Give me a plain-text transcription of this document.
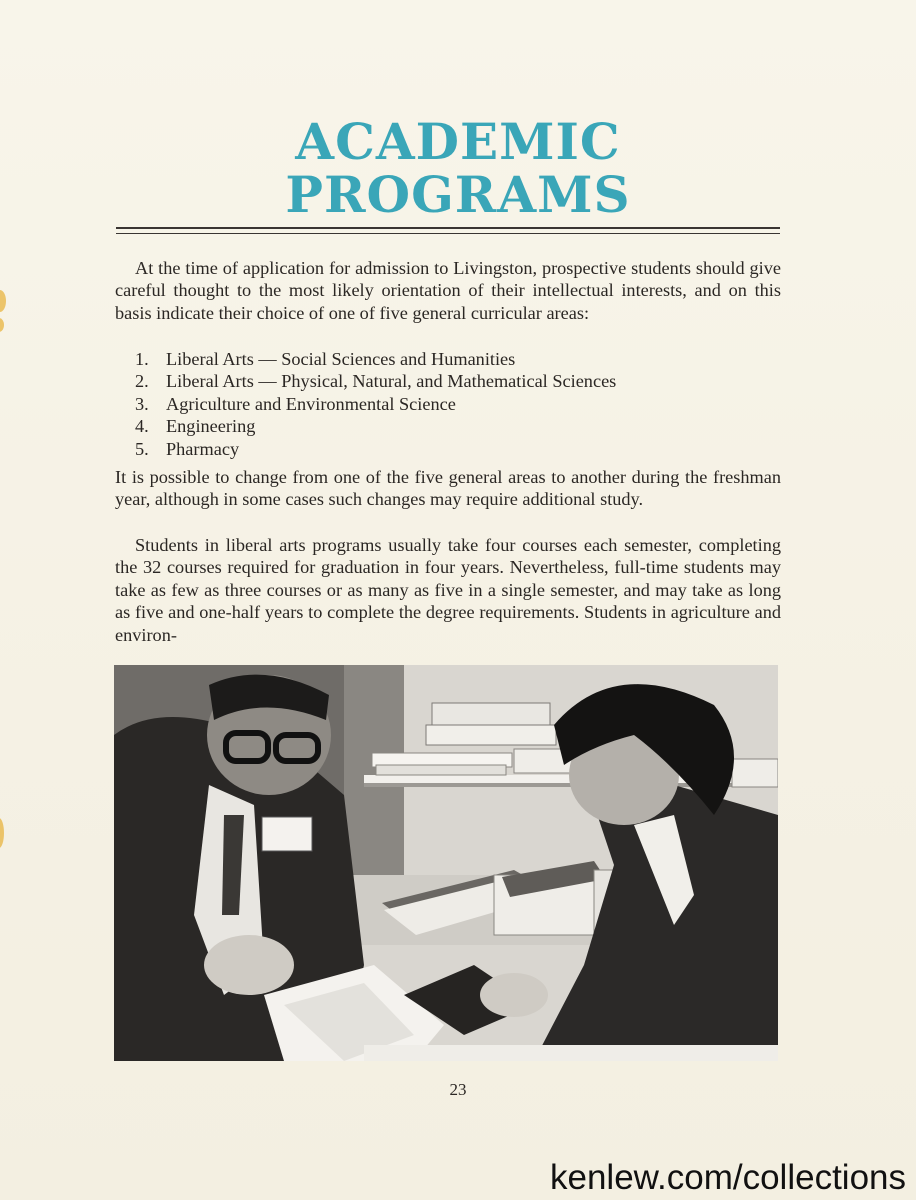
ACADEMIC
PROGRAMS
At the time of application for admission to Livingston, prospective students should give careful thought to the most likely orientation of their intellectual interests, and on this basis indicate their choice of one of five general curricular areas:
1. Liberal Arts — Social Sciences and Humanities
2. Liberal Arts — Physical, Natural, and Mathematical Sciences
3. Agriculture and Environmental Science
4. Engineering
5. Pharmacy
It is possible to change from one of the five general areas to another during the freshman year, although in some cases such changes may require additional study.
Students in liberal arts programs usually take four courses each semester, completing the 32 courses required for graduation in four years. Nevertheless, full-time students may take as few as three courses or as many as five in a single semester, and may take as long as five and one-half years to complete the degree requirements. Students in agriculture and environ-
23
kenlew.com/collections
